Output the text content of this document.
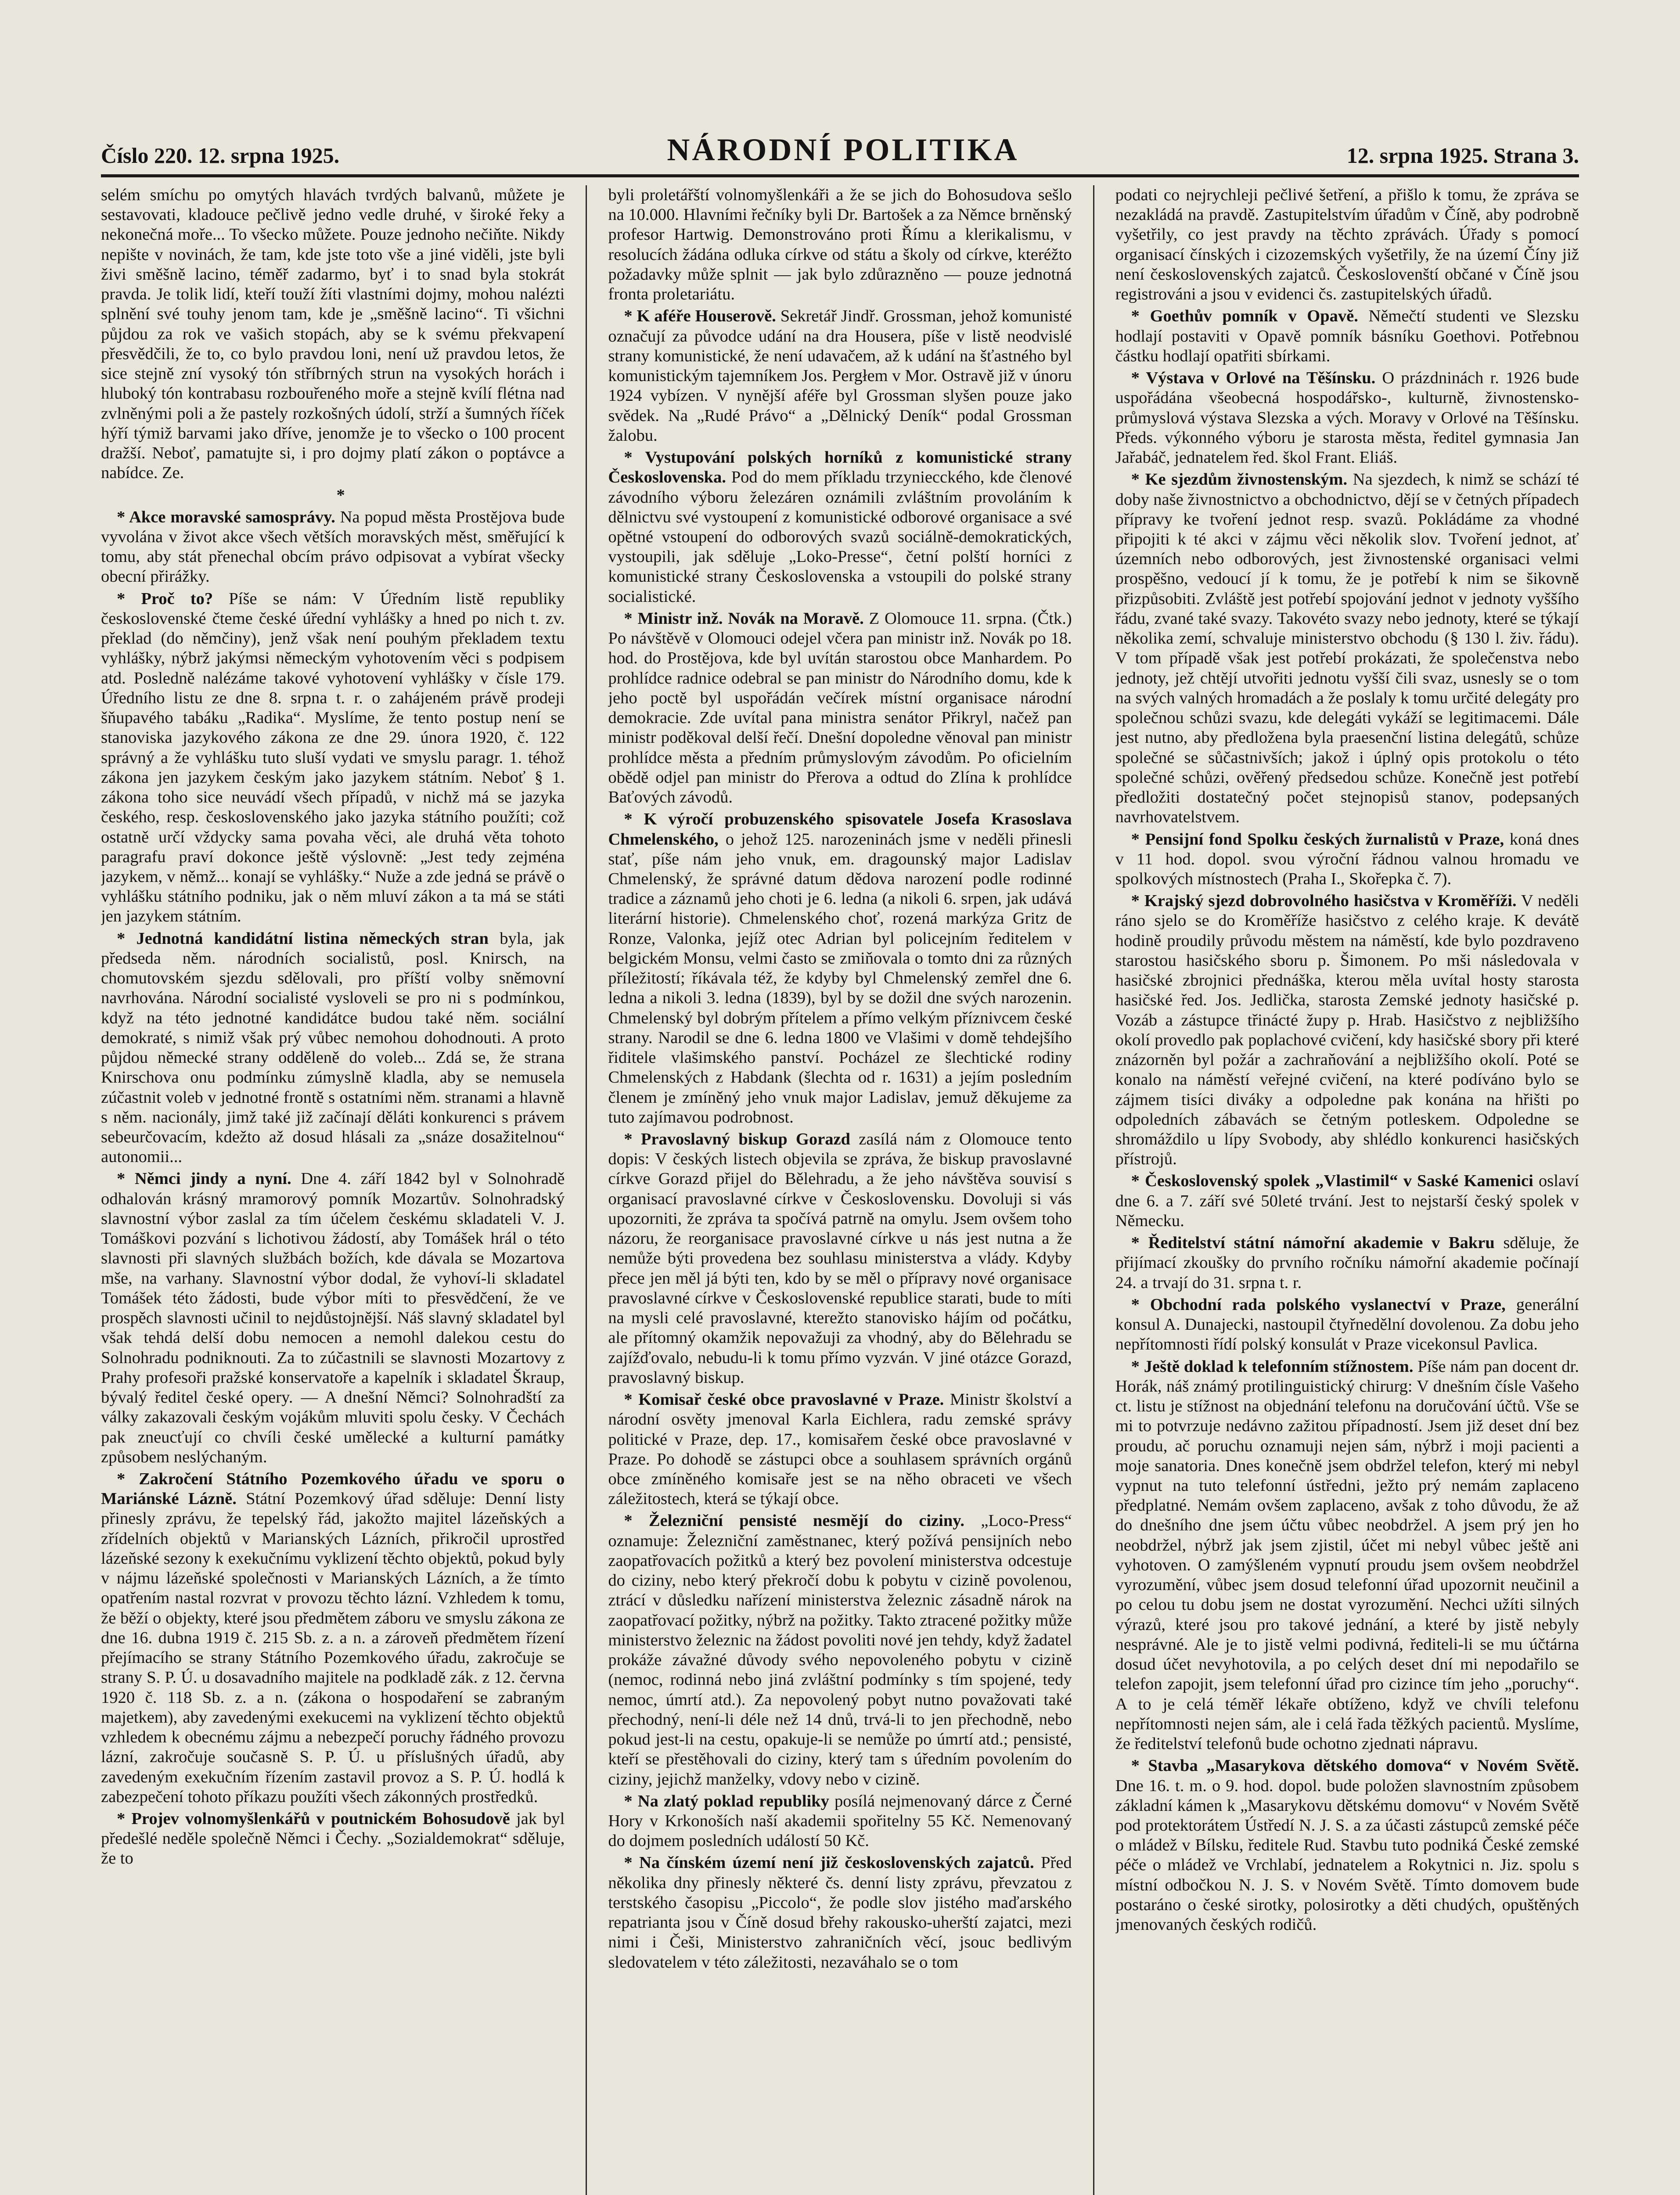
Číslo 220. 12. srpna 1925.	NÁRODNÍ POLITIKA	12. srpna 1925. Strana 3.

selém smíchu po omytých hlavách tvrdých balvanů, můžete je sestavovati, kladouce pečlivě jedno vedle druhé, v široké řeky a nekonečná moře... To všecko můžete. Pouze jednoho nečiňte. Nikdy nepište v novinách, že tam, kde jste toto vše a jiné viděli, jste byli živi směšně lacino, téměř zadarmo, byť i to snad byla stokrát pravda. Je tolik lidí, kteří touží žíti vlastními dojmy, mohou nalézti splnění své touhy jenom tam, kde je „směšně lacino“. Ti všichni půjdou za rok ve vašich stopách, aby se k svému překvapení přesvědčili, že to, co bylo pravdou loni, není už pravdou letos, že sice stejně zní vysoký tón stříbrných strun na vysokých horách i hluboký tón kontrabasu rozbouřeného moře a stejně kvílí flétna nad zvlněnými poli a že pastely rozkošných údolí, strží a šumných říček hýří týmiž barvami jako dříve, jenomže je to všecko o 100 procent dražší. Neboť, pamatujte si, i pro dojmy platí zákon o poptávce a nabídce. Ze.

*

* Akce moravské samosprávy. Na popud města Prostějova bude vyvolána v život akce všech větších moravských měst, směřující k tomu, aby stát přenechal obcím právo odpisovat a vybírat všecky obecní přirážky.

* Proč to? Píše se nám: V Úředním listě republiky československé čteme české úřední vyhlášky a hned po nich t. zv. překlad (do němčiny), jenž však není pouhým překladem textu vyhlášky, nýbrž jakýmsi německým vyhotovením věci s podpisem atd. Posledně nalézáme takové vyhotovení vyhlášky v čísle 179. Úředního listu ze dne 8. srpna t. r. o zahájeném právě prodeji šňupavého tabáku „Radika“. Myslíme, že tento postup není se stanoviska jazykového zákona ze dne 29. února 1920, č. 122 správný a že vyhlášku tuto sluší vydati ve smyslu paragr. 1. téhož zákona jen jazykem českým jako jazykem státním. Neboť § 1. zákona toho sice neuvádí všech případů, v nichž má se jazyka českého, resp. československého jako jazyka státního použíti; což ostatně určí vždycky sama povaha věci, ale druhá věta tohoto paragrafu praví dokonce ještě výslovně: „Jest tedy zejména jazykem, v němž... konají se vyhlášky.“ Nuže a zde jedná se právě o vyhlášku státního podniku, jak o něm mluví zákon a ta má se státi jen jazykem státním.

* Jednotná kandidátní listina německých stran byla, jak předseda něm. národních socialistů, posl. Knirsch, na chomutovském sjezdu sdělovali, pro příští volby sněmovní navrhována. Národní socialisté vysloveli se pro ni s podmínkou, když na této jednotné kandidátce budou také něm. sociální demokraté, s nimiž však prý vůbec nemohou dohodnouti. A proto půjdou německé strany odděleně do voleb... Zdá se, že strana Knirschova onu podmínku zúmyslně kladla, aby se nemusela zúčastnit voleb v jednotné frontě s ostatními něm. stranami a hlavně s něm. nacionály, jimž také již začínají děláti konkurenci s právem sebeurčovacím, kdežto až dosud hlásali za „snáze dosažitelnou“ autonomii...

* Němci jindy a nyní. Dne 4. září 1842 byl v Solnohradě odhalován krásný mramorový pomník Mozartův. Solnohradský slavnostní výbor zaslal za tím účelem českému skladateli V. J. Tomáškovi pozvání s lichotivou žádostí, aby Tomášek hrál o této slavnosti při slavných službách božích, kde dávala se Mozartova mše, na varhany. Slavnostní výbor dodal, že vyhoví-li skladatel Tomášek této žádosti, bude výbor míti to přesvědčení, že ve prospěch slavnosti učinil to nejdůstojnější. Náš slavný skladatel byl však tehdá delší dobu nemocen a nemohl dalekou cestu do Solnohradu podniknouti. Za to zúčastnili se slavnosti Mozartovy z Prahy profesoři pražské konservatoře a kapelník i skladatel Škraup, bývalý ředitel české opery. — A dnešní Němci? Solnohradští za války zakazovali českým vojákům mluviti spolu česky. V Čechách pak zneucťují co chvíli české umělecké a kulturní památky způsobem neslýchaným.

* Zakročení Státního Pozemkového úřadu ve sporu o Mariánské Lázně. Státní Pozemkový úřad sděluje: Denní listy přinesly zprávu, že tepelský řád, jakožto majitel lázeňských a zřídelních objektů v Marianských Lázních, přikročil uprostřed lázeňské sezony k exekučnímu vyklizení těchto objektů, pokud byly v nájmu lázeňské společnosti v Marianských Lázních, a že tímto opatřením nastal rozvrat v provozu těchto lázní. Vzhledem k tomu, že běží o objekty, které jsou předmětem záboru ve smyslu zákona ze dne 16. dubna 1919 č. 215 Sb. z. a n. a zároveň předmětem řízení přejímacího se strany Státního Pozemkového úřadu, zakročuje se strany S. P. Ú. u dosavadního majitele na podkladě zák. z 12. června 1920 č. 118 Sb. z. a n. (zákona o hospodaření se zabraným majetkem), aby zavedenými exekucemi na vyklizení těchto objektů vzhledem k obecnému zájmu a nebezpečí poruchy řádného provozu lázní, zakročuje současně S. P. Ú. u příslušných úřadů, aby zavedeným exekučním řízením zastavil provoz a S. P. Ú. hodlá k zabezpečení tohoto příkazu použíti všech zákonných prostředků.

* Projev volnomyšlenkářů v poutnickém Bohosudově jak byl předešlé neděle společně Němci i Čechy. „Sozialdemokrat“ sděluje, že to

byli proletářští volnomyšlenkáři a že se jich do Bohosudova sešlo na 10.000. Hlavními řečníky byli Dr. Bartošek a za Němce brněnský profesor Hartwig. Demonstrováno proti Římu a klerikalismu, v resolucích žádána odluka církve od státu a školy od církve, kteréžto požadavky může splnit — jak bylo zdůrazněno — pouze jednotná fronta proletariátu.

* K aféře Houserově. Sekretář Jindř. Grossman, jehož komunisté označují za původce udání na dra Housera, píše v listě neodvislé strany komunistické, že není udavačem, až k udání na šťastného byl komunistickým tajemníkem Jos. Pergłem v Mor. Ostravě již v únoru 1924 vybízen. V nynější aféře byl Grossman slyšen pouze jako svědek. Na „Rudé Právo“ a „Dělnický Deník“ podal Grossman žalobu.

* Vystupování polských horníků z komunistické strany Československa. Pod do mem příkladu trzyniecckého, kde členové závodního výboru železáren oznámili zvláštním provoláním k dělnictvu své vystoupení z komunistické odborové organisace a své opětné vstoupení do odborových svazů sociálně-demokratických, vystoupili, jak sděluje „Loko-Presse“, četní polští horníci z komunistické strany Československa a vstoupili do polské strany socialistické.

* Ministr inž. Novák na Moravě. Z Olomouce 11. srpna. (Čtk.) Po návštěvě v Olomouci odejel včera pan ministr inž. Novák po 18. hod. do Prostějova, kde byl uvítán starostou obce Manhardem. Po prohlídce radnice odebral se pan ministr do Národního domu, kde k jeho poctě byl uspořádán večírek místní organisace národní demokracie. Zde uvítal pana ministra senátor Přikryl, načež pan ministr poděkoval delší řečí. Dnešní dopoledne věnoval pan ministr prohlídce města a předním průmyslovým závodům. Po oficielním obědě odjel pan ministr do Přerova a odtud do Zlína k prohlídce Baťových závodů.

* K výročí probuzenského spisovatele Josefa Krasoslava Chmelenského, o jehož 125. narozeninách jsme v neděli přinesli stať, píše nám jeho vnuk, em. dragounský major Ladislav Chmelenský, že správné datum dědova narození podle rodinné tradice a záznamů jeho choti je 6. ledna (a nikoli 6. srpen, jak udává literární historie). Chmelenského choť, rozená markýza Gritz de Ronze, Valonka, jejíž otec Adrian byl policejním ředitelem v belgickém Monsu, velmi často se zmiňovala o tomto dni za různých příležitostí; říkávala též, že kdyby byl Chmelenský zemřel dne 6. ledna a nikoli 3. ledna (1839), byl by se dožil dne svých narozenin. Chmelenský byl dobrým přítelem a přímo velkým příznivcem české strany. Narodil se dne 6. ledna 1800 ve Vlašimi v domě tehdejšího řiditele vlašimského panství. Pocházel ze šlechtické rodiny Chmelenských z Habdank (šlechta od r. 1631) a jejím posledním členem je zmíněný jeho vnuk major Ladislav, jemuž děkujeme za tuto zajímavou podrobnost.

* Pravoslavný biskup Gorazd zasílá nám z Olomouce tento dopis: V českých listech objevila se zpráva, že biskup pravoslavné církve Gorazd přijel do Bělehradu, a že jeho návštěva souvisí s organisací pravoslavné církve v Československu. Dovoluji si vás upozorniti, že zpráva ta spočívá patrně na omylu. Jsem ovšem toho názoru, že reorganisace pravoslavné církve u nás jest nutna a že nemůže býti provedena bez souhlasu ministerstva a vlády. Kdyby přece jen měl já býti ten, kdo by se měl o přípravy nové organisace pravoslavné církve v Československé republice starati, bude to míti na mysli celé pravoslavné, kterežto stanovisko hájím od počátku, ale přítomný okamžik nepovažuji za vhodný, aby do Bělehradu se zajížďovalo, nebudu-li k tomu přímo vyzván. V jiné otázce Gorazd, pravoslavný biskup.

* Komisař české obce pravoslavné v Praze. Ministr školství a národní osvěty jmenoval Karla Eichlera, radu zemské správy politické v Praze, dep. 17., komisařem české obce pravoslavné v Praze. Po dohodě se zástupci obce a souhlasem správních orgánů obce zmíněného komisaře jest se na něho obraceti ve všech záležitostech, která se týkají obce.

* Železniční pensisté nesmějí do ciziny. „Loco-Press“ oznamuje: Železniční zaměstnanec, který požívá pensijních nebo zaopatřovacích požitků a který bez povolení ministerstva odcestuje do ciziny, nebo který překročí dobu k pobytu v cizině povolenou, ztrácí v důsledku nařízení ministerstva železnic zásadně nárok na zaopatřovací požitky, nýbrž na požitky. Takto ztracené požitky může ministerstvo železnic na žádost povoliti nové jen tehdy, když žadatel prokáže závažné důvody svého nepovoleného pobytu v cizině (nemoc, rodinná nebo jiná zvláštní podmínky s tím spojené, tedy nemoc, úmrtí atd.). Za nepovolený pobyt nutno považovati také přechodný, není-li déle než 14 dnů, trvá-li to jen přechodně, nebo pokud jest-li na cestu, opakuje-li se nemůže po úmrtí atd.; pensisté, kteří se přestěhovali do ciziny, který tam s úředním povolením do ciziny, jejichž manželky, vdovy nebo v cizině.

* Na zlatý poklad republiky posílá nejmenovaný dárce z Černé Hory v Krkonoších naší akademii spořitelny 55 Kč. Nemenovaný do dojmem posledních událostí 50 Kč.

* Na čínském území není již československých zajatců. Před několika dny přinesly některé čs. denní listy zprávu, převzatou z terstského časopisu „Piccolo“, že podle slov jistého maďarského repatrianta jsou v Číně dosud břehy rakousko-uherští zajatci, mezi nimi i Češi, Ministerstvo zahraničních věcí, jsouc bedlivým sledovatelem v této záležitosti, nezaváhalo se o tom

podati co nejrychleji pečlivé šetření, a přišlo k tomu, že zpráva se nezakládá na pravdě. Zastupitelstvím úřadům v Číně, aby podrobně vyšetřily, co jest pravdy na těchto zprávách. Úřady s pomocí organisací čínských i cizozemských vyšetřily, že na území Číny již není československých zajatců. Českoslovenští občané v Číně jsou registrováni a jsou v evidenci čs. zastupitelských úřadů.

* Goethův pomník v Opavě. Němečtí studenti ve Slezsku hodlají postaviti v Opavě pomník básníku Goethovi. Potřebnou částku hodlají opatřiti sbírkami.

* Výstava v Orlové na Těšínsku. O prázdninách r. 1926 bude uspořádána všeobecná hospodářsko-, kulturně, živnostensko-průmyslová výstava Slezska a vých. Moravy v Orlové na Těšínsku. Předs. výkonného výboru je starosta města, ředitel gymnasia Jan Jařabáč, jednatelem řed. škol Frant. Eliáš.

* Ke sjezdům živnostenským. Na sjezdech, k nimž se schází té doby naše živnostnictvo a obchodnictvo, dějí se v četných případech přípravy ke tvoření jednot resp. svazů. Pokládáme za vhodné připojiti k té akci v zájmu věci několik slov. Tvoření jednot, ať územních nebo odborových, jest živnostenské organisaci velmi prospěšno, vedoucí jí k tomu, že je potřebí k nim se šikovně přizpůsobiti. Zvláště jest potřebí spojování jednot v jednoty vyššího řádu, zvané také svazy. Takovéto svazy nebo jednoty, které se týkají několika zemí, schvaluje ministerstvo obchodu (§ 130 l. živ. řádu). V tom případě však jest potřebí prokázati, že společenstva nebo jednoty, jež chtějí utvořiti jednotu vyšší čili svaz, usnesly se o tom na svých valných hromadách a že poslaly k tomu určité delegáty pro společnou schůzi svazu, kde delegáti vykáží se legitimacemi. Dále jest nutno, aby předložena byla praesenční listina delegátů, schůze společné se sůčastnivších; jakož i úplný opis protokolu o této společné schůzi, ověřený předsedou schůze. Konečně jest potřebí předložiti dostatečný počet stejnopisů stanov, podepsaných navrhovatelstvem.

* Pensijní fond Spolku českých žurnalistů v Praze, koná dnes v 11 hod. dopol. svou výroční řádnou valnou hromadu ve spolkových místnostech (Praha I., Skořepka č. 7).

* Krajský sjezd dobrovolného hasičstva v Kroměříži. V neděli ráno sjelo se do Kroměříže hasičstvo z celého kraje. K devátě hodině proudily průvodu městem na náměstí, kde bylo pozdraveno starostou hasičského sboru p. Šimonem. Po mši následovala v hasičské zbrojnici přednáška, kterou měla uvítal hosty starosta hasičské řed. Jos. Jedlička, starosta Zemské jednoty hasičské p. Vozáb a zástupce třinácté župy p. Hrab. Hasičstvo z nejbližšího okolí provedlo pak poplachové cvičení, kdy hasičské sbory při které znázorněn byl požár a zachraňování a nejbližšího okolí. Poté se konalo na náměstí veřejné cvičení, na které podíváno bylo se zájmem tisíci diváky a odpoledne pak konána na hřišti po odpoledních zábavách se četným potleskem. Odpoledne se shromáždilo u lípy Svobody, aby shlédlo konkurenci hasičských přístrojů.

* Československý spolek „Vlastimil“ v Saské Kamenici oslaví dne 6. a 7. září své 50leté trvání. Jest to nejstarší český spolek v Německu.

* Ředitelství státní námořní akademie v Bakru sděluje, že přijímací zkoušky do prvního ročníku námořní akademie počínají 24. a trvají do 31. srpna t. r.

* Obchodní rada polského vyslanectví v Praze, generální konsul A. Dunajecki, nastoupil čtyřnedělní dovolenou. Za dobu jeho nepřítomnosti řídí polský konsulát v Praze vicekonsul Pavlica.

* Ještě doklad k telefonním stížnostem. Píše nám pan docent dr. Horák, náš známý protilinguistický chirurg: V dnešním čísle Vašeho ct. listu je stížnost na objednání telefonu na doručování účtů. Vše se mi to potvrzuje nedávno zažitou případností. Jsem již deset dní bez proudu, ač poruchu oznamuji nejen sám, nýbrž i moji pacienti a moje sanatoria. Dnes konečně jsem obdržel telefon, který mi nebyl vypnut na tuto telefonní ústředni, ježto prý nemám zaplaceno předplatné. Nemám ovšem zaplaceno, avšak z toho důvodu, že až do dnešního dne jsem účtu vůbec neobdržel. A jsem prý jen ho neobdržel, nýbrž jak jsem zjistil, účet mi nebyl vůbec ještě ani vyhotoven. O zamýšleném vypnutí proudu jsem ovšem neobdržel vyrozumění, vůbec jsem dosud telefonní úřad upozornit neučinil a po celou tu dobu jsem ne dostat vyrozumění. Nechci užíti silných výrazů, které jsou pro takové jednání, a které by jistě nebyly nesprávné. Ale je to jistě velmi podivná, řediteli-li se mu účtárna dosud účet nevyhotovila, a po celých deset dní mi nepodařilo se telefon zapojit, jsem telefonní úřad pro cizince tím jeho „poruchy“. A to je celá téměř lékaře obtíženo, když ve chvíli telefonu nepřítomnosti nejen sám, ale i celá řada těžkých pacientů. Myslíme, že ředitelství telefonů bude ochotno zjednati nápravu.

* Stavba „Masarykova dětského domova“ v Novém Světě. Dne 16. t. m. o 9. hod. dopol. bude položen slavnostním způsobem základní kámen k „Masarykovu dětskému domovu“ v Novém Světě pod protektorátem Ústředí N. J. S. a za účasti zástupců zemské péče o mládež v Bílsku, ředitele Rud. Stavbu tuto podniká České zemské péče o mládež ve Vrchlabí, jednatelem a Rokytnici n. Jiz. spolu s místní odbočkou N. J. S. v Novém Světě. Tímto domovem bude postaráno o české sirotky, polosirotky a děti chudých, opuštěných jmenovaných českých rodičů.
